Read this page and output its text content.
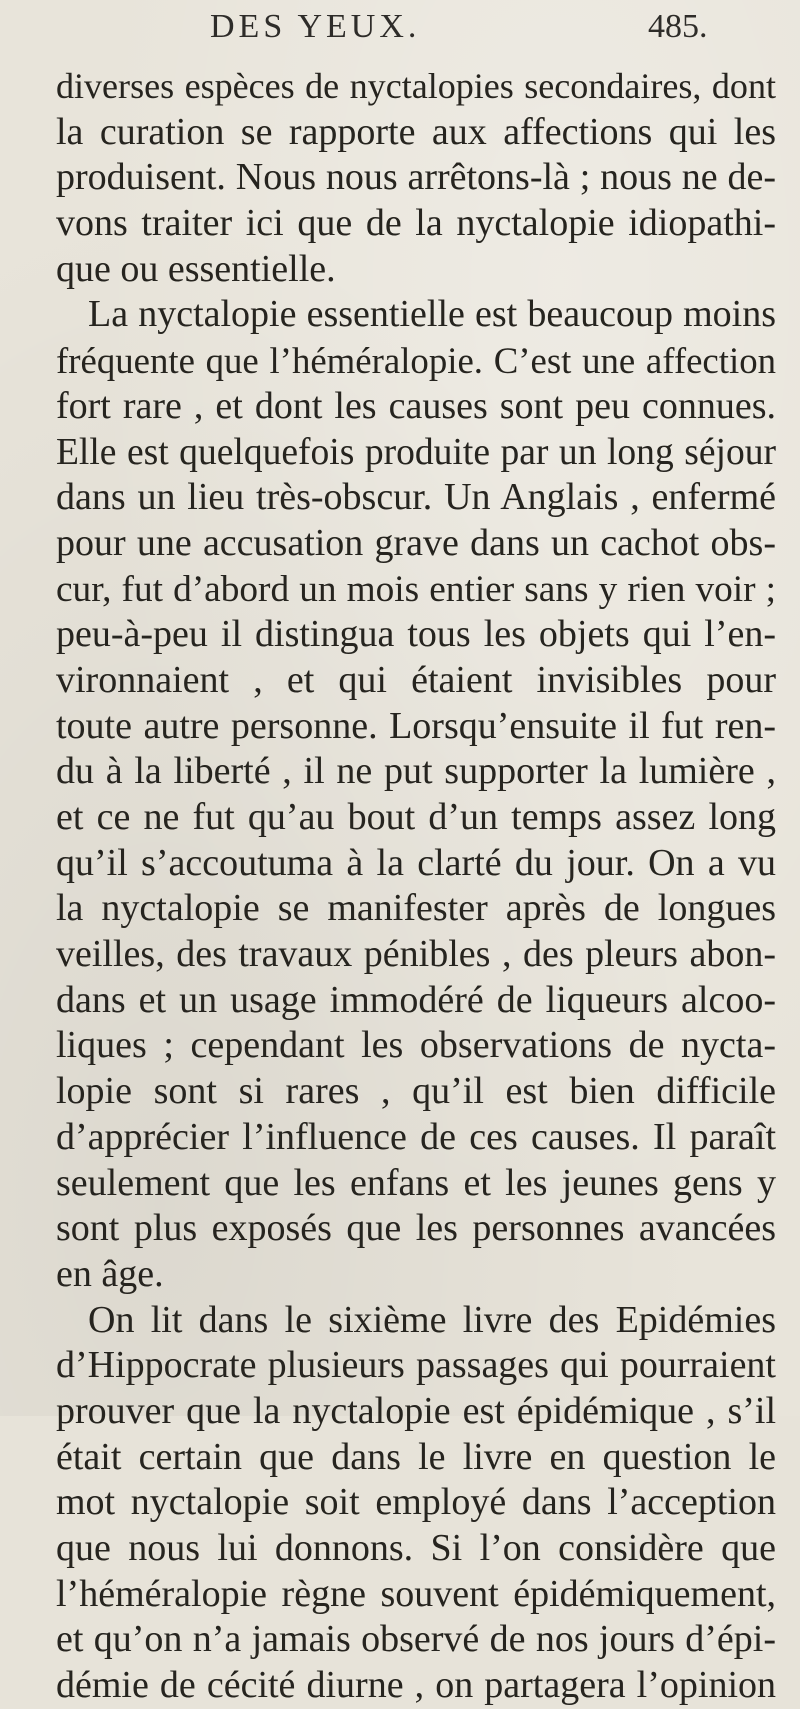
DES YEUX.	485.
diverses espèces de nyctalopies secondaires, dont
la curation se rapporte aux affections qui les
produisent. Nous nous arrêtons-là ; nous ne de-
vons traiter ici que de la nyctalopie idiopathi-
que ou essentielle.
La nyctalopie essentielle est beaucoup moins
fréquente que l’héméralopie. C’est une affection
fort rare , et dont les causes sont peu connues.
Elle est quelquefois produite par un long séjour
dans un lieu très-obscur. Un Anglais , enfermé
pour une accusation grave dans un cachot obs-
cur, fut d’abord un mois entier sans y rien voir ;
peu-à-peu il distingua tous les objets qui l’en-
vironnaient , et qui étaient invisibles pour
toute autre personne. Lorsqu’ensuite il fut ren-
du à la liberté , il ne put supporter la lumière ,
et ce ne fut qu’au bout d’un temps assez long
qu’il s’accoutuma à la clarté du jour. On a vu
la nyctalopie se manifester après de longues
veilles, des travaux pénibles , des pleurs abon-
dans et un usage immodéré de liqueurs alcoo-
liques ; cependant les observations de nycta-
lopie sont si rares , qu’il est bien difficile
d’apprécier l’influence de ces causes. Il paraît
seulement que les enfans et les jeunes gens y
sont plus exposés que les personnes avancées
en âge.
On lit dans le sixième livre des Epidémies
d’Hippocrate plusieurs passages qui pourraient
prouver que la nyctalopie est épidémique , s’il
était certain que dans le livre en question le
mot nyctalopie soit employé dans l’acception
que nous lui donnons. Si l’on considère que
l’héméralopie règne souvent épidémiquement,
et qu’on n’a jamais observé de nos jours d’épi-
démie de cécité diurne , on partagera l’opinion
